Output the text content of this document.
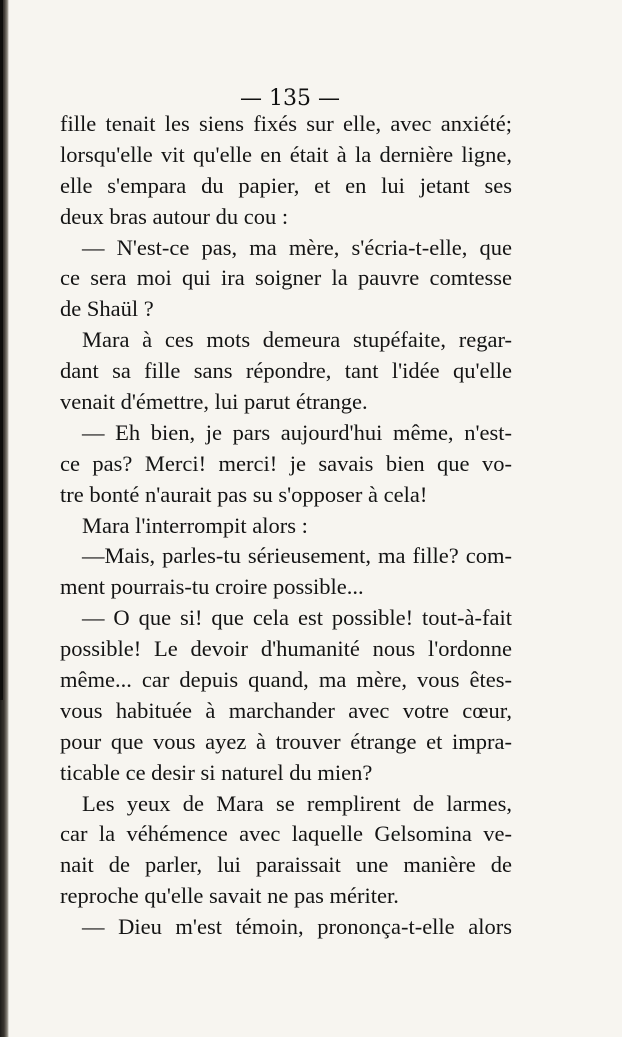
— 135 —
fille tenait les siens fixés sur elle, avec anxiété;
lorsqu'elle vit qu'elle en était à la dernière ligne,
elle s'empara du papier, et en lui jetant ses
deux bras autour du cou :
— N'est-ce pas, ma mère, s'écria-t-elle, que
ce sera moi qui ira soigner la pauvre comtesse
de Shaül ?
Mara à ces mots demeura stupéfaite, regar-
dant sa fille sans répondre, tant l'idée qu'elle
venait d'émettre, lui parut étrange.
— Eh bien, je pars aujourd'hui même, n'est-
ce pas? Merci! merci! je savais bien que vo-
tre bonté n'aurait pas su s'opposer à cela!
Mara l'interrompit alors :
—Mais, parles-tu sérieusement, ma fille? com-
ment pourrais-tu croire possible...
— O que si! que cela est possible! tout-à-fait
possible! Le devoir d'humanité nous l'ordonne
même... car depuis quand, ma mère, vous êtes-
vous habituée à marchander avec votre cœur,
pour que vous ayez à trouver étrange et impra-
ticable ce desir si naturel du mien?
Les yeux de Mara se remplirent de larmes,
car la véhémence avec laquelle Gelsomina ve-
nait de parler, lui paraissait une manière de
reproche qu'elle savait ne pas mériter.
— Dieu m'est témoin, prononça-t-elle alors
